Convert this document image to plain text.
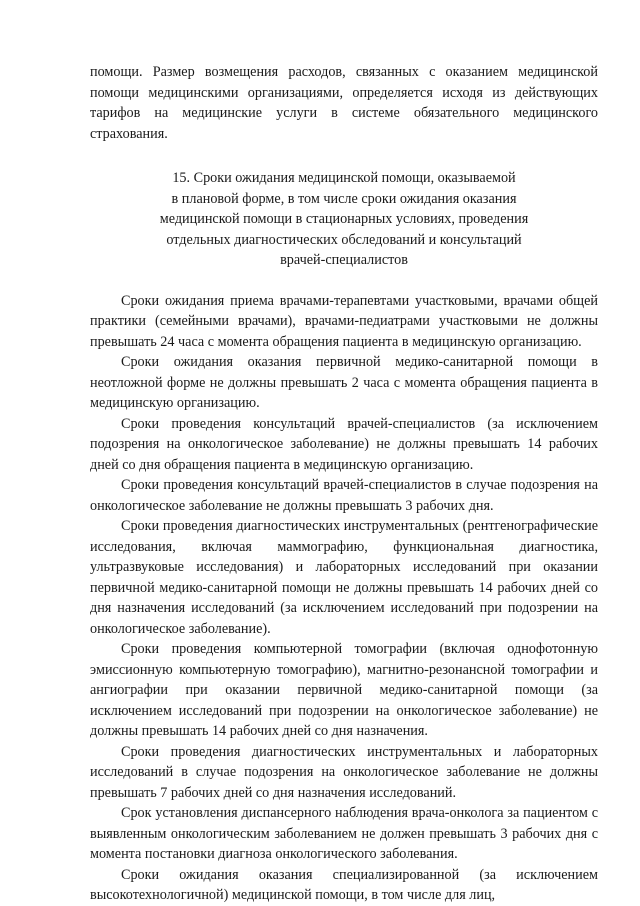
помощи. Размер возмещения расходов, связанных с оказанием медицинской помощи медицинскими организациями, определяется исходя из действующих тарифов на медицинские услуги в системе обязательного медицинского страхования.

15. Сроки ожидания медицинской помощи, оказываемой
в плановой форме, в том числе сроки ожидания оказания
медицинской помощи в стационарных условиях, проведения
отдельных диагностических обследований и консультаций
врачей-специалистов

Сроки ожидания приема врачами-терапевтами участковыми, врачами общей практики (семейными врачами), врачами-педиатрами участковыми не должны превышать 24 часа с момента обращения пациента в медицинскую организацию.

Сроки ожидания оказания первичной медико-санитарной помощи в неотложной форме не должны превышать 2 часа с момента обращения пациента в медицинскую организацию.

Сроки проведения консультаций врачей-специалистов (за исключением подозрения на онкологическое заболевание) не должны превышать 14 рабочих дней со дня обращения пациента в медицинскую организацию.

Сроки проведения консультаций врачей-специалистов в случае подозрения на онкологическое заболевание не должны превышать 3 рабочих дня.

Сроки проведения диагностических инструментальных (рентгенографические исследования, включая маммографию, функциональная диагностика, ультразвуковые исследования) и лабораторных исследований при оказании первичной медико-санитарной помощи не должны превышать 14 рабочих дней со дня назначения исследований (за исключением исследований при подозрении на онкологическое заболевание).

Сроки проведения компьютерной томографии (включая однофотонную эмиссионную компьютерную томографию), магнитно-резонансной томографии и ангиографии при оказании первичной медико-санитарной помощи (за исключением исследований при подозрении на онкологическое заболевание) не должны превышать 14 рабочих дней со дня назначения.

Сроки проведения диагностических инструментальных и лабораторных исследований в случае подозрения на онкологическое заболевание не должны превышать 7 рабочих дней со дня назначения исследований.

Срок установления диспансерного наблюдения врача-онколога за пациентом с выявленным онкологическим заболеванием не должен превышать 3 рабочих дня с момента постановки диагноза онкологического заболевания.

Сроки ожидания оказания специализированной (за исключением высокотехнологичной) медицинской помощи, в том числе для лиц,
